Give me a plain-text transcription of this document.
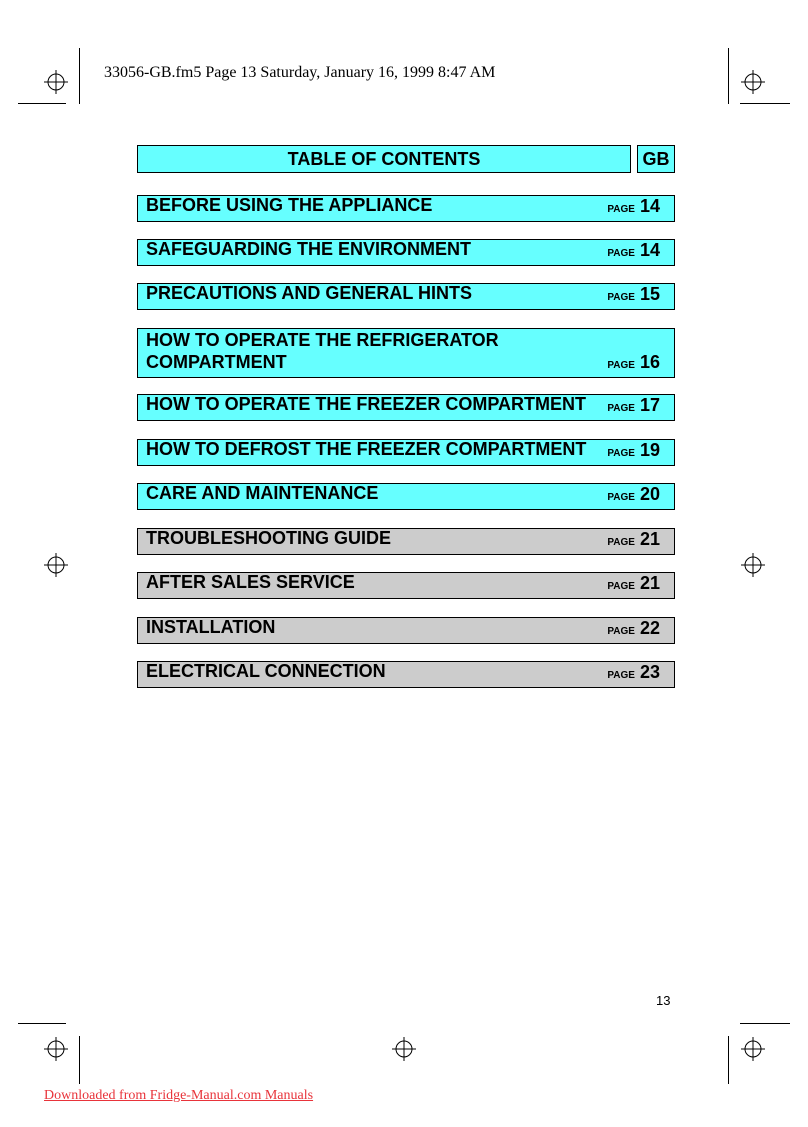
33056-GB.fm5 Page 13 Saturday, January 16, 1999 8:47 AM
TABLE OF CONTENTS	GB
BEFORE USING THE APPLIANCE	PAGE 14
SAFEGUARDING THE ENVIRONMENT	PAGE 14
PRECAUTIONS AND GENERAL HINTS	PAGE 15
HOW TO OPERATE THE REFRIGERATOR
COMPARTMENT	PAGE 16
HOW TO OPERATE THE FREEZER COMPARTMENT PAGE 17
HOW TO DEFROST THE FREEZER COMPARTMENT PAGE 19
CARE AND MAINTENANCE	PAGE 20
TROUBLESHOOTING GUIDE	PAGE 21
AFTER SALES SERVICE	PAGE 21
INSTALLATION	PAGE 22
ELECTRICAL CONNECTION	PAGE 23
13
Downloaded from Fridge-Manual.com Manuals
